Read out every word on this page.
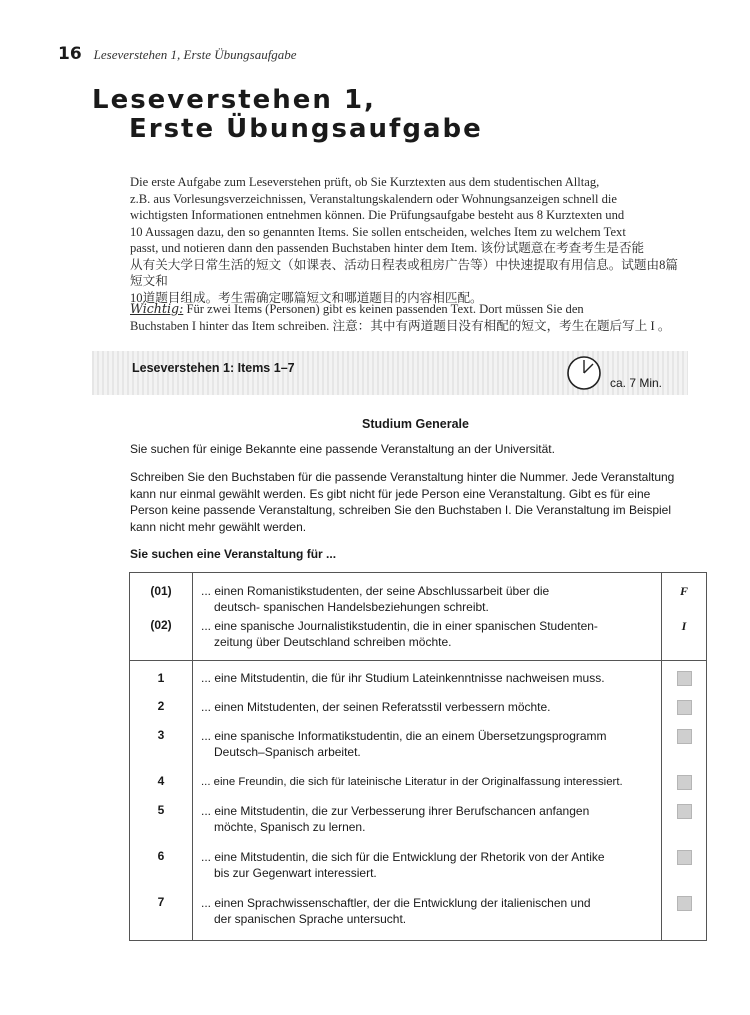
16 Leseverstehen 1, Erste Übungsaufgabe
Leseverstehen 1,
Erste Übungsaufgabe

Die erste Aufgabe zum Leseverstehen prüft, ob Sie Kurztexten aus dem studentischen Alltag,
z.B. aus Vorlesungsverzeichnissen, Veranstaltungskalendern oder Wohnungsanzeigen schnell die
wichtigsten Informationen entnehmen können. Die Prüfungsaufgabe besteht aus 8 Kurztexten und
10 Aussagen dazu, den so genannten Items. Sie sollen entscheiden, welches Item zu welchem Text
passt, und notieren dann den passenden Buchstaben hinter dem Item. 该份试题意在考查考生是否能
从有关大学日常生活的短文（如课表、活动日程表或租房广告等）中快速提取有用信息。试题由8篇短文和
10道题目组成。考生需确定哪篇短文和哪道题目的内容相匹配。

Wichtig: Für zwei Items (Personen) gibt es keinen passenden Text. Dort müssen Sie den
Buchstaben I hinter das Item schreiben. 注意：其中有两道题目没有相配的短文，考生在题后写上 I 。

Leseverstehen 1: Items 1–7
ca. 7 Min.
Studium Generale

Sie suchen für einige Bekannte eine passende Veranstaltung an der Universität.

Schreiben Sie den Buchstaben für die passende Veranstaltung hinter die Nummer. Jede Veranstaltung
kann nur einmal gewählt werden. Es gibt nicht für jede Person eine Veranstaltung. Gibt es für eine
Person keine passende Veranstaltung, schreiben Sie den Buchstaben I. Die Veranstaltung im Beispiel
kann nicht mehr gewählt werden.

Sie suchen eine Veranstaltung für ...
(01)	... einen Romanistikstudenten, der seine Abschlussarbeit über die
deutsch- spanischen Handelsbeziehungen schreibt.	F
(02)	... eine spanische Journalistikstudentin, die in einer spanischen Studenten-
zeitung über Deutschland schreiben möchte.	I
1	... eine Mitstudentin, die für ihr Studium Lateinkenntnisse nachweisen muss.	
2	... einen Mitstudenten, der seinen Referatsstil verbessern möchte.	
3	... eine spanische Informatikstudentin, die an einem Übersetzungsprogramm
Deutsch–Spanisch arbeitet.	
4	... eine Freundin, die sich für lateinische Literatur in der Originalfassung interessiert.	
5	... eine Mitstudentin, die zur Verbesserung ihrer Berufschancen anfangen
möchte, Spanisch zu lernen.	
6	... eine Mitstudentin, die sich für die Entwicklung der Rhetorik von der Antike
bis zur Gegenwart interessiert.	
7	... einen Sprachwissenschaftler, der die Entwicklung der italienischen und
der spanischen Sprache untersucht.	
